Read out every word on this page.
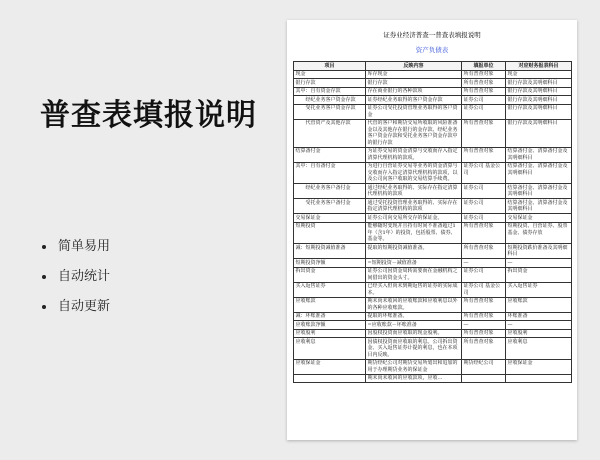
普查表填报说明
简单易用
自动统计
自动更新
证券业经济普查一普查表填报说明
资产负债表
项目	反映内容	填报单位	对应财务报表科目
现金	库存现金	所有普查对象	现金
银行存款	银行存款	所有普查对象	银行存款及其明细科目
其中：自有资金存款	存在商业银行的各种款项	所有普查对象	银行存款及其明细科目
　　经纪业务客户资金存款	证券经纪业务取得的客户资金存款	证券公司	银行存款及其明细科目
　　受托业务客户资金存款	证券公司受托投资管理业务取得的客户资金	证券公司	银行存款及其明细科目
　　代管资产及其他存款	代管的客户和期货交易所收取的风险准备金以及其他存在银行的金存款、经纪业务客户资金存款和受托业务客户资金存款中的银行存款	所有普查对象	银行存款及其明细科目
结算备付金	为证券交易的资金清算与交收而存入指定清算代理机构的款项。	所有普查对象	结算备付金、清算备付金及其明细科目
其中：自有备付金	为进行自营证券交易等业务的资金清算与交收而存入指定清算代理机构的款项，以及公司向客户收取的交易结算手续费。	证券公司 基金公司	结算备付金、清算备付金及其明细科目
　　经纪业务客户备付金	通过经纪业务取得的、实际存在指定清算代理机构的款项	证券公司	结算备付金、清算备付金及其明细科目
　　受托业务客户备付金	通过受托投资管理业务取得的、实际存在指定清算代理机构的款项	证券公司	结算备付金、清算备付金及其明细科目
交易保证金	证券公司向交易所交存的保证金。	证券公司	交易保证金
短期投资	能够随时变现并且持有时间不准备超过1年（含1年）的投资，包括股票、债券、基金等。	所有普查对象	短期投资、自营证券、股票基金、债券存放
减：短期投资减值准备	提取的短期投资减值准备。	所有普查对象	短期投资跌价准备及其明细科目
短期投资净额	=短期投资－减值准备	—	—
拆出资金	证券公司因资金周转需要而在金融机构之间借出的资金头寸。	证券公司	拆出资金
买入返售证券	已经买入但尚未到期返售的证券的实际成本。	证券公司 基金公司	买入返售证券
应收账款	期末尚未收回的应收账款和应收利息以外的各种应收账款。	所有普查对象	应收账款
减：坏账准备	提取的坏账准备。	所有普查对象	坏账准备
应收账款净额	=应收账款－坏账准备	—	—
应收股利	因股权投资而应收取的现金股利。	所有普查对象	应收股利
应收利息	因债权投资而应收取的利息。公司拆出资金、买入返售证券计提的利息，也在本项目内反映。	所有普查对象	应收利息
应收保证金	期货经纪公司对期货交易所划出和追加的用于办理期货业务的保证金	期货经纪公司	应收保证金
	期末尚未收回的应收款项，应收…		
